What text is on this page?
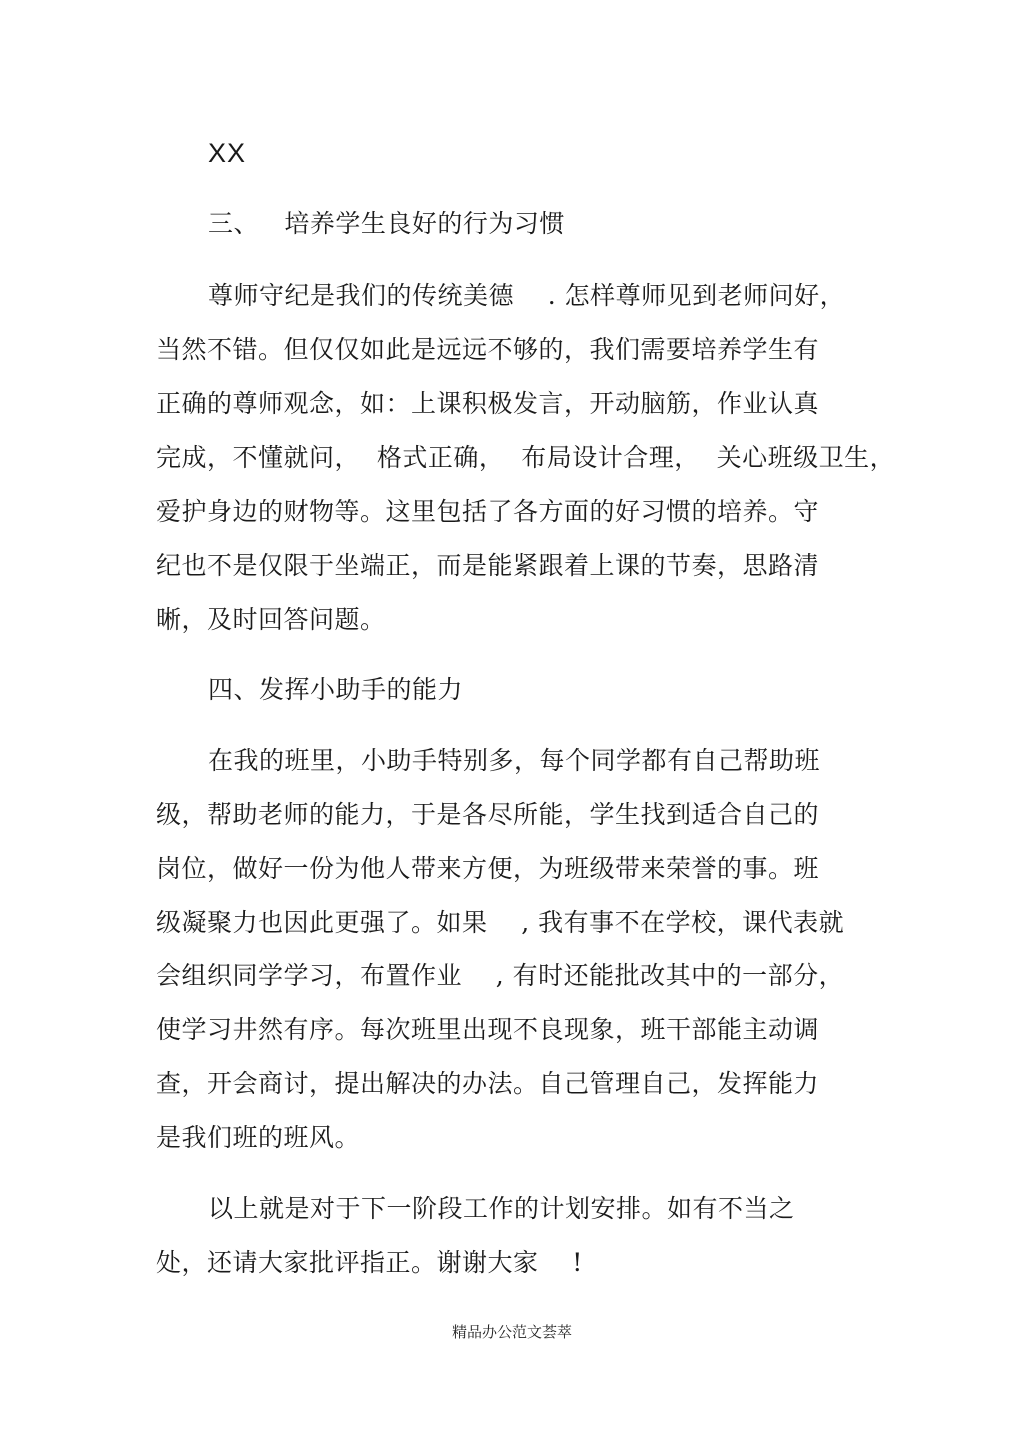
XX
三、   培养学生良好的行为习惯
尊师守纪是我们的传统美德    . 怎样尊师见到老师问好，
当然不错。但仅仅如此是远远不够的，我们需要培养学生有
正确的尊师观念，如：上课积极发言，开动脑筋，作业认真
完成，不懂就问，  格式正确，  布局设计合理，  关心班级卫生，
爱护身边的财物等。这里包括了各方面的好习惯的培养。守
纪也不是仅限于坐端正，而是能紧跟着上课的节奏，思路清
晰，及时回答问题。
四、发挥小助手的能力
在我的班里，小助手特别多，每个同学都有自己帮助班
级，帮助老师的能力，于是各尽所能，学生找到适合自己的
岗位，做好一份为他人带来方便，为班级带来荣誉的事。班
级凝聚力也因此更强了。如果    , 我有事不在学校，课代表就
会组织同学学习，布置作业    , 有时还能批改其中的一部分，
使学习井然有序。每次班里出现不良现象，班干部能主动调
查，开会商讨，提出解决的办法。自己管理自己，发挥能力
是我们班的班风。
以上就是对于下一阶段工作的计划安排。如有不当之
处，还请大家批评指正。谢谢大家    !
精品办公范文荟萃
